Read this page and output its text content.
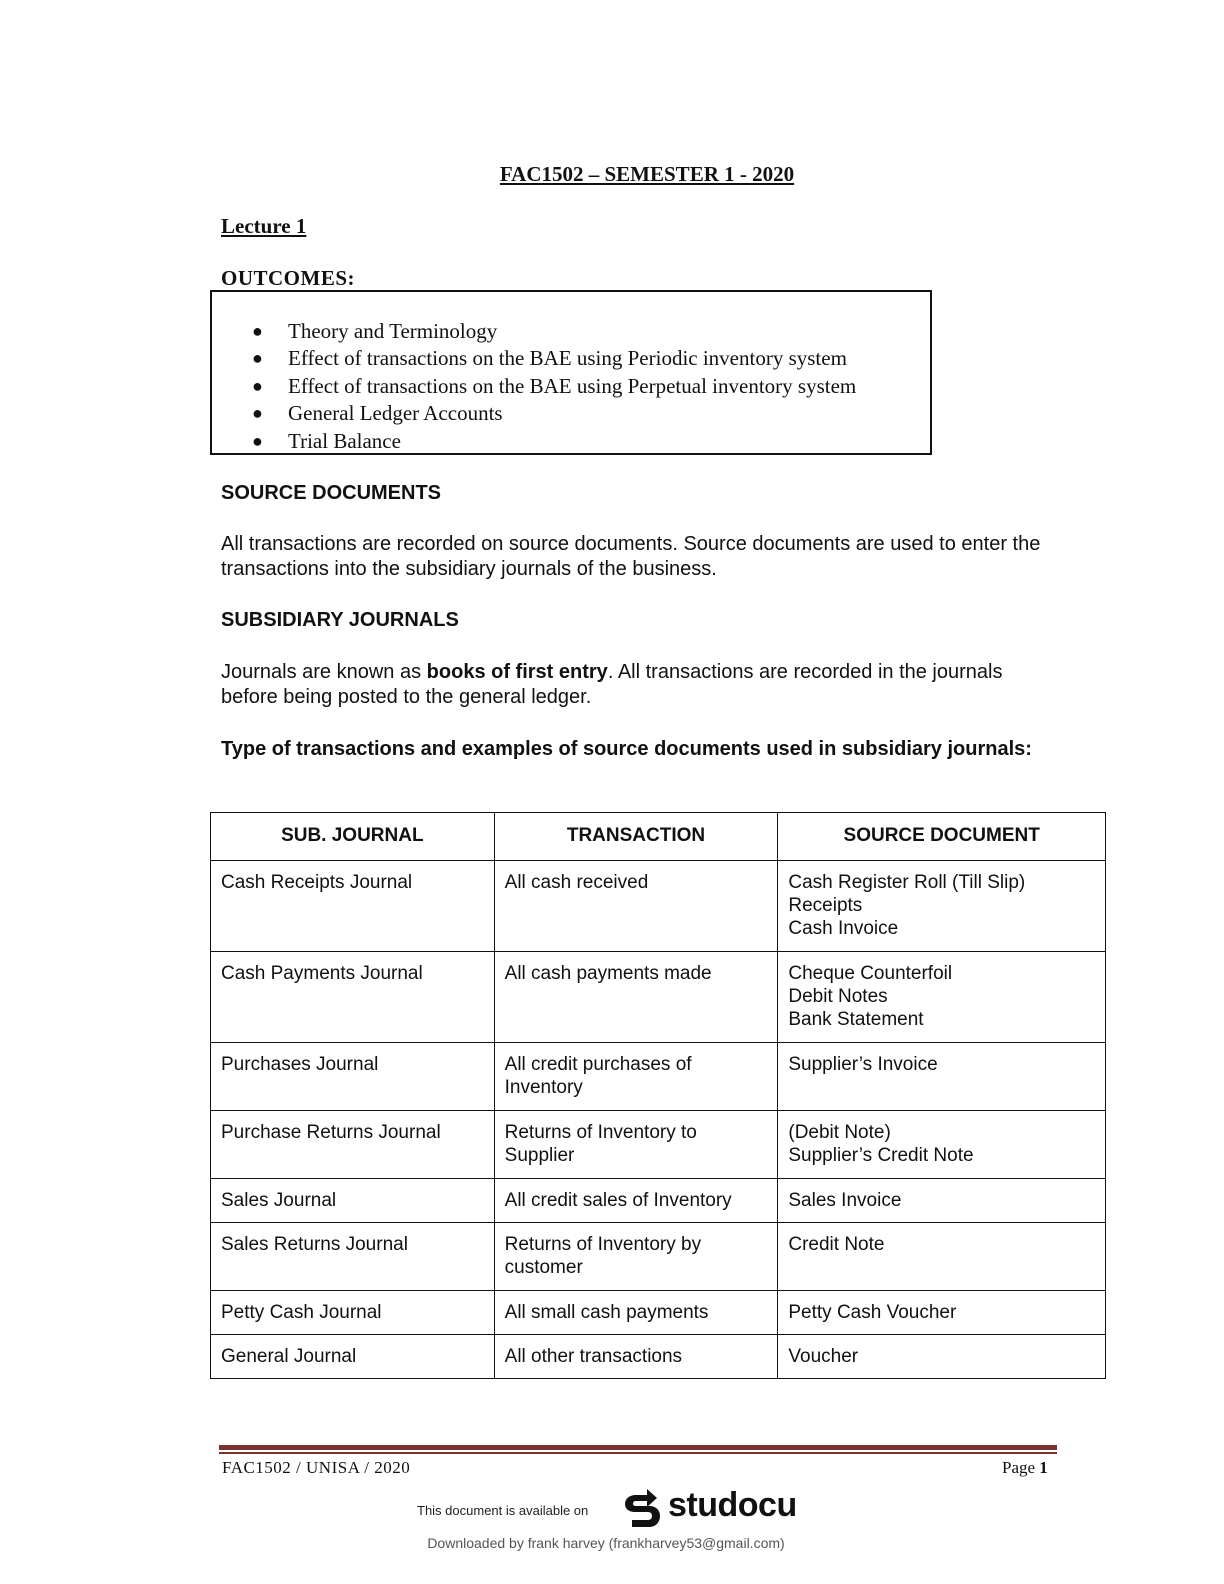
FAC1502 – SEMESTER 1 - 2020
Lecture 1
OUTCOMES:
● Theory and Terminology
● Effect of transactions on the BAE using Periodic inventory system
● Effect of transactions on the BAE using Perpetual inventory system
● General Ledger Accounts
● Trial Balance
SOURCE DOCUMENTS
All transactions are recorded on source documents. Source documents are used to enter the transactions into the subsidiary journals of the business.
SUBSIDIARY JOURNALS
Journals are known as books of first entry. All transactions are recorded in the journals before being posted to the general ledger.
Type of transactions and examples of source documents used in subsidiary journals:
SUB. JOURNAL	TRANSACTION	SOURCE DOCUMENT
Cash Receipts Journal	All cash received	Cash Register Roll (Till Slip)
Receipts
Cash Invoice

Cash Payments Journal	All cash payments made	Cheque Counterfoil
Debit Notes
Bank Statement

Purchases Journal	All credit purchases of Inventory	Supplier’s Invoice

Purchase Returns Journal	Returns of Inventory to Supplier	(Debit Note)
Supplier’s Credit Note

Sales Journal	All credit sales of Inventory	Sales Invoice

Sales Returns Journal	Returns of Inventory by customer	Credit Note

Petty Cash Journal	All small cash payments	Petty Cash Voucher

General Journal	All other transactions	Voucher
FAC1502 / UNISA / 2020	Page 1
This document is available on studocu
Downloaded by frank harvey (frankharvey53@gmail.com)
